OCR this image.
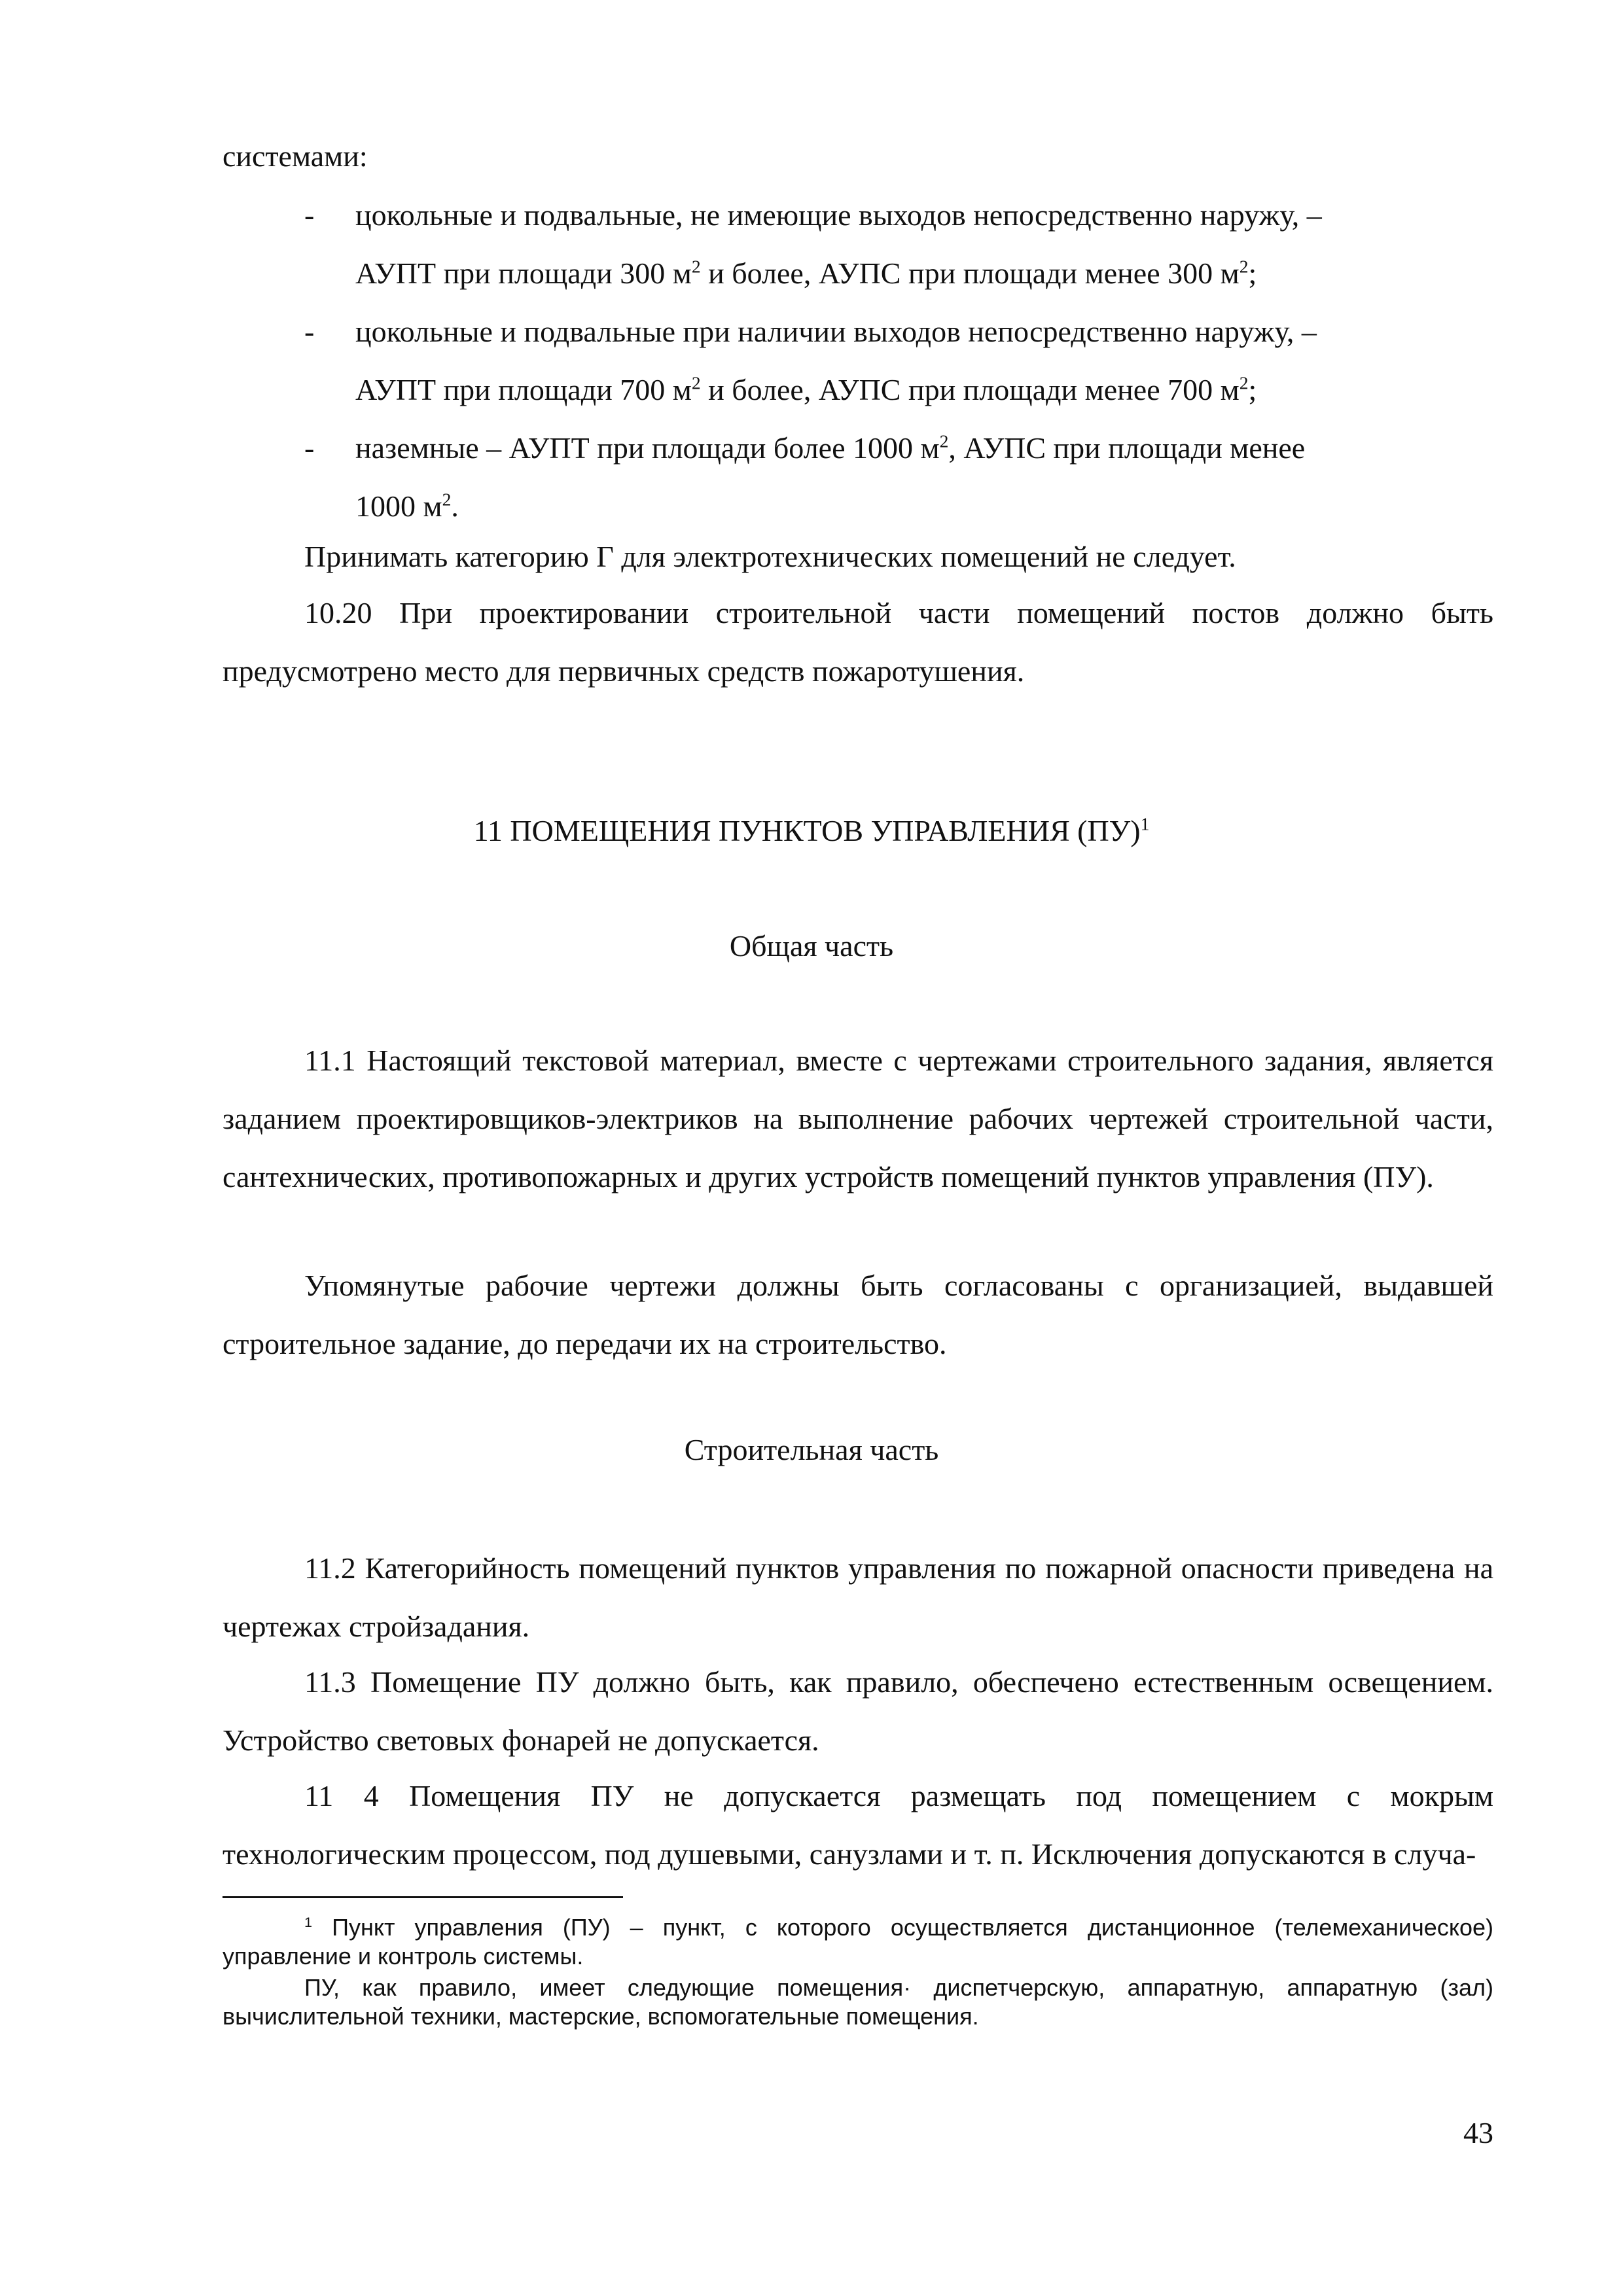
системами:

- цокольные и подвальные, не имеющие выходов непосредственно наружу, –
АУПТ при площади 300 $м^2$ и более, АУПС при площади менее 300 $м^2$;

- цокольные и подвальные при наличии выходов непосредственно наружу, –
АУПТ при площади 700 $м^2$ и более, АУПС при площади менее 700 $м^2$;

- наземные – АУПТ при площади более 1000 $м^2$, АУПС при площади менее
1000 $м^2$.

Принимать категорию Г для электротехнических помещений не следует.

10.20 При проектировании строительной части помещений постов должно быть предусмотрено место для первичных средств пожаротушения.

11 ПОМЕЩЕНИЯ ПУНКТОВ УПРАВЛЕНИЯ (ПУ)$^1$
Общая часть

11.1 Настоящий текстовой материал, вместе с чертежами строительного задания, является заданием проектировщиков-электриков на выполнение рабочих чертежей строительной части, сантехнических, противопожарных и других устройств помещений пунктов управления (ПУ).

Упомянутые рабочие чертежи должны быть согласованы с организацией, выдавшей строительное задание, до передачи их на строительство.

Строительная часть

11.2 Категорийность помещений пунктов управления по пожарной опасности приведена на чертежах стройзадания.

11.3 Помещение ПУ должно быть, как правило, обеспечено естественным освещением. Устройство световых фонарей не допускается.

11 4 Помещения ПУ не допускается размещать под помещением с мокрым технологическим процессом, под душевыми, санузлами и т. п. Исключения допускаются в случа-

$^1$ Пункт управления (ПУ) – пункт, с которого осуществляется дистанционное (телемеханическое) управление и контроль системы.

ПУ, как правило, имеет следующие помещения· диспетчерскую, аппаратную, аппаратную (зал) вычислительной техники, мастерские, вспомогательные помещения.

43
